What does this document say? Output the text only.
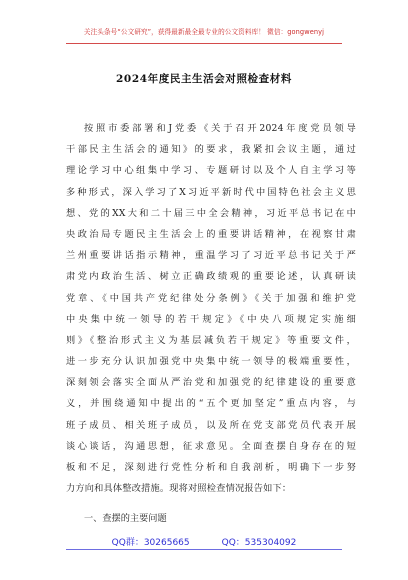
关注头条号“公文研究”，获得最新最全最专业的公文资料库！ 微信：gongwenyj
2024年度民主生活会对照检查材料
按照市委部署和J党委《关于召开2024年度党员领导
干部民主生活会的通知》的要求，我紧扣会议主题，通过
理论学习中心组集中学习、专题研讨以及个人自主学习等
多种形式，深入学习了X习近平新时代中国特色社会主义思
想、党的XX大和二十届三中全会精神，习近平总书记在中
央政治局专题民主生活会上的重要讲话精神，在视察甘肃
兰州重要讲话指示精神，重温学习了习近平总书记关于严
肃党内政治生活、树立正确政绩观的重要论述，认真研读
党章、《中国共产党纪律处分条例》《关于加强和维护党
中央集中统一领导的若干规定》《中央八项规定实施细
则》《整治形式主义为基层减负若干规定》等重要文件，
进一步充分认识加强党中央集中统一领导的极端重要性，
深刻领会落实全面从严治党和加强党的纪律建设的重要意
义，并围绕通知中提出的“五个更加坚定”重点内容，与
班子成员、相关班子成员，以及所在党支部党员代表开展
谈心谈话，沟通思想，征求意见。全面查摆自身存在的短
板和不足，深刻进行党性分析和自我剖析，明确下一步努
力方向和具体整改措施。现将对照检查情况报告如下：
一、查摆的主要问题
QQ群：30265665	QQ：535304092
